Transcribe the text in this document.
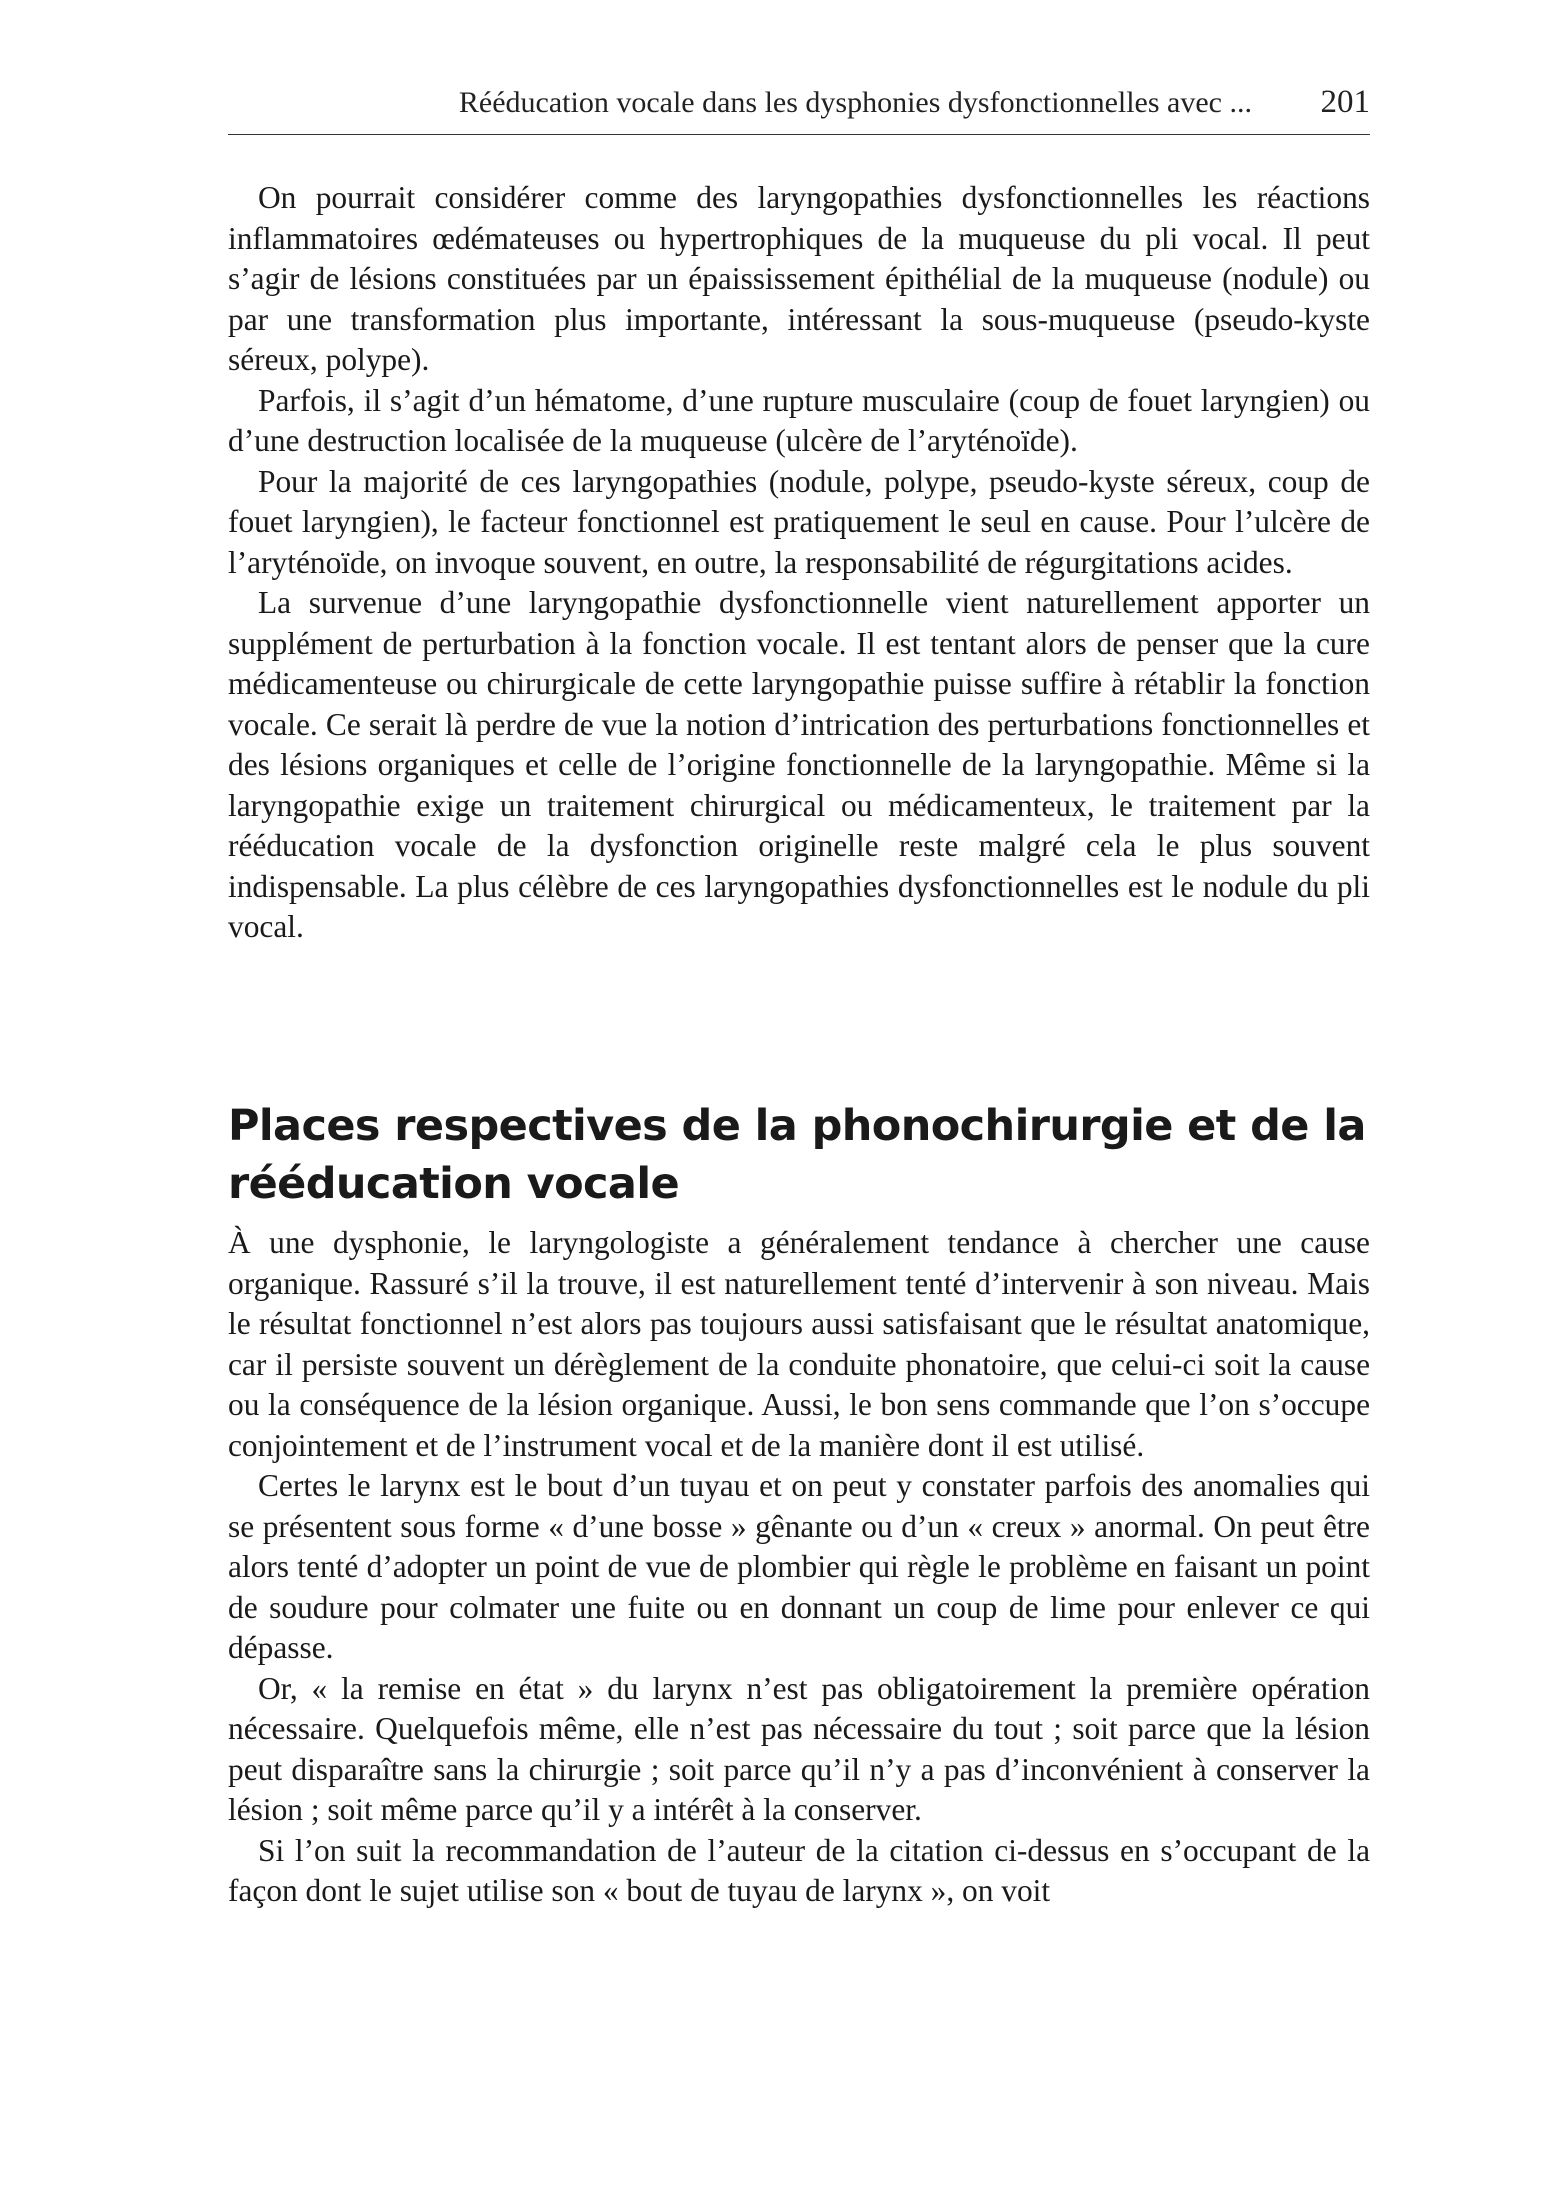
Rééducation vocale dans les dysphonies dysfonctionnelles avec ... 201

On pourrait considérer comme des laryngopathies dysfonctionnelles les réactions inflammatoires œdémateuses ou hypertrophiques de la muqueuse du pli vocal. Il peut s’agir de lésions constituées par un épaississement épithélial de la muqueuse (nodule) ou par une transformation plus importante, intéressant la sous-muqueuse (pseudo-kyste séreux, polype).

Parfois, il s’agit d’un hématome, d’une rupture musculaire (coup de fouet laryngien) ou d’une destruction localisée de la muqueuse (ulcère de l’aryténoïde).

Pour la majorité de ces laryngopathies (nodule, polype, pseudo-kyste séreux, coup de fouet laryngien), le facteur fonctionnel est pratiquement le seul en cause. Pour l’ulcère de l’aryténoïde, on invoque souvent, en outre, la responsabilité de régurgitations acides.

La survenue d’une laryngopathie dysfonctionnelle vient naturellement apporter un supplément de perturbation à la fonction vocale. Il est tentant alors de penser que la cure médicamenteuse ou chirurgicale de cette laryngopathie puisse suffire à rétablir la fonction vocale. Ce serait là perdre de vue la notion d’intrication des perturbations fonctionnelles et des lésions organiques et celle de l’origine fonctionnelle de la laryngopathie. Même si la laryngopathie exige un traitement chirurgical ou médicamenteux, le traitement par la rééducation vocale de la dysfonction originelle reste malgré cela le plus souvent indispensable. La plus célèbre de ces laryngopathies dysfonctionnelles est le nodule du pli vocal.

Places respectives de la phonochirurgie et de la
rééducation vocale

À une dysphonie, le laryngologiste a généralement tendance à chercher une cause organique. Rassuré s’il la trouve, il est naturellement tenté d’intervenir à son niveau. Mais le résultat fonctionnel n’est alors pas toujours aussi satisfaisant que le résultat anatomique, car il persiste souvent un dérèglement de la conduite phonatoire, que celui-ci soit la cause ou la conséquence de la lésion organique. Aussi, le bon sens commande que l’on s’occupe conjointement et de l’instrument vocal et de la manière dont il est utilisé.

Certes le larynx est le bout d’un tuyau et on peut y constater parfois des anomalies qui se présentent sous forme « d’une bosse » gênante ou d’un « creux » anormal. On peut être alors tenté d’adopter un point de vue de plombier qui règle le problème en faisant un point de soudure pour colmater une fuite ou en donnant un coup de lime pour enlever ce qui dépasse.

Or, « la remise en état » du larynx n’est pas obligatoirement la première opération nécessaire. Quelquefois même, elle n’est pas nécessaire du tout ; soit parce que la lésion peut disparaître sans la chirurgie ; soit parce qu’il n’y a pas d’inconvénient à conserver la lésion ; soit même parce qu’il y a intérêt à la conserver.

Si l’on suit la recommandation de l’auteur de la citation ci-dessus en s’occupant de la façon dont le sujet utilise son « bout de tuyau de larynx », on voit
